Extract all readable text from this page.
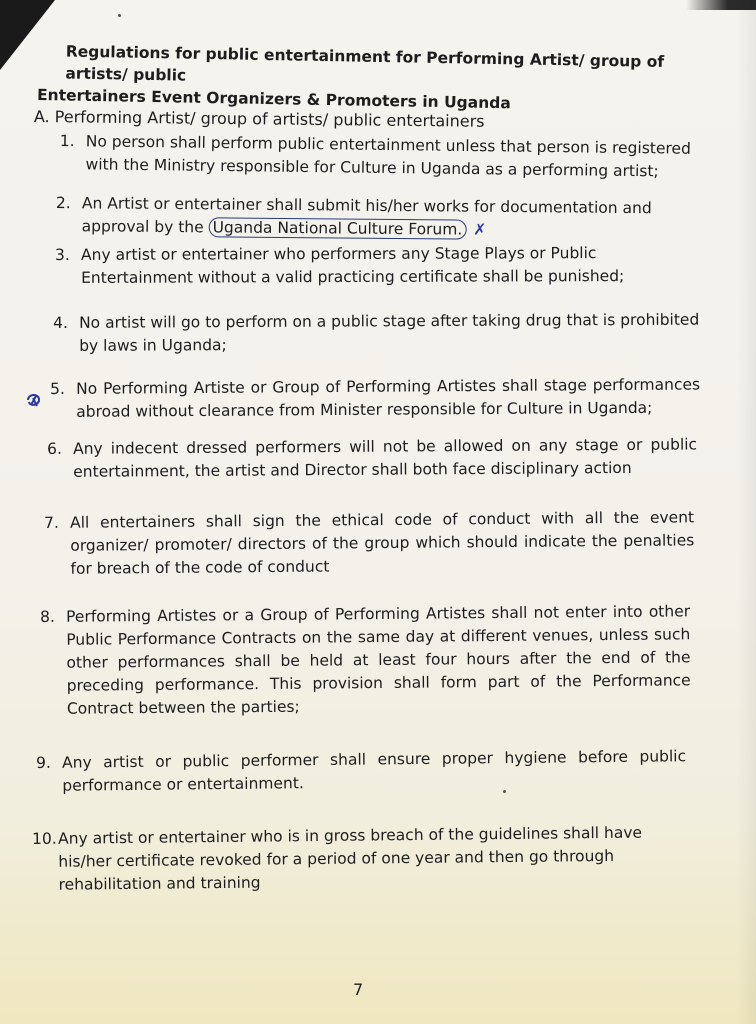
Regulations for public entertainment for Performing Artist/ group of artists/ public
Entertainers Event Organizers & Promoters in Uganda
A. Performing Artist/ group of artists/ public entertainers
1. No person shall perform public entertainment unless that person is registered with the Ministry responsible for Culture in Uganda as a performing artist;
2. An Artist or entertainer shall submit his/her works for documentation and approval by the Uganda National Culture Forum. ✗
3. Any artist or entertainer who performers any Stage Plays or Public Entertainment without a valid practicing certificate shall be punished;
4. No artist will go to perform on a public stage after taking drug that is prohibited by laws in Uganda;
5. No Performing Artiste or Group of Performing Artistes shall stage performances abroad without clearance from Minister responsible for Culture in Uganda;
6. Any indecent dressed performers will not be allowed on any stage or public entertainment, the artist and Director shall both face disciplinary action
7. All entertainers shall sign the ethical code of conduct with all the event organizer/ promoter/ directors of the group which should indicate the penalties for breach of the code of conduct
8. Performing Artistes or a Group of Performing Artistes shall not enter into other Public Performance Contracts on the same day at different venues, unless such other performances shall be held at least four hours after the end of the preceding performance. This provision shall form part of the Performance Contract between the parties;
9. Any artist or public performer shall ensure proper hygiene before public performance or entertainment.
10. Any artist or entertainer who is in gross breach of the guidelines shall have his/her certificate revoked for a period of one year and then go through rehabilitation and training
7
